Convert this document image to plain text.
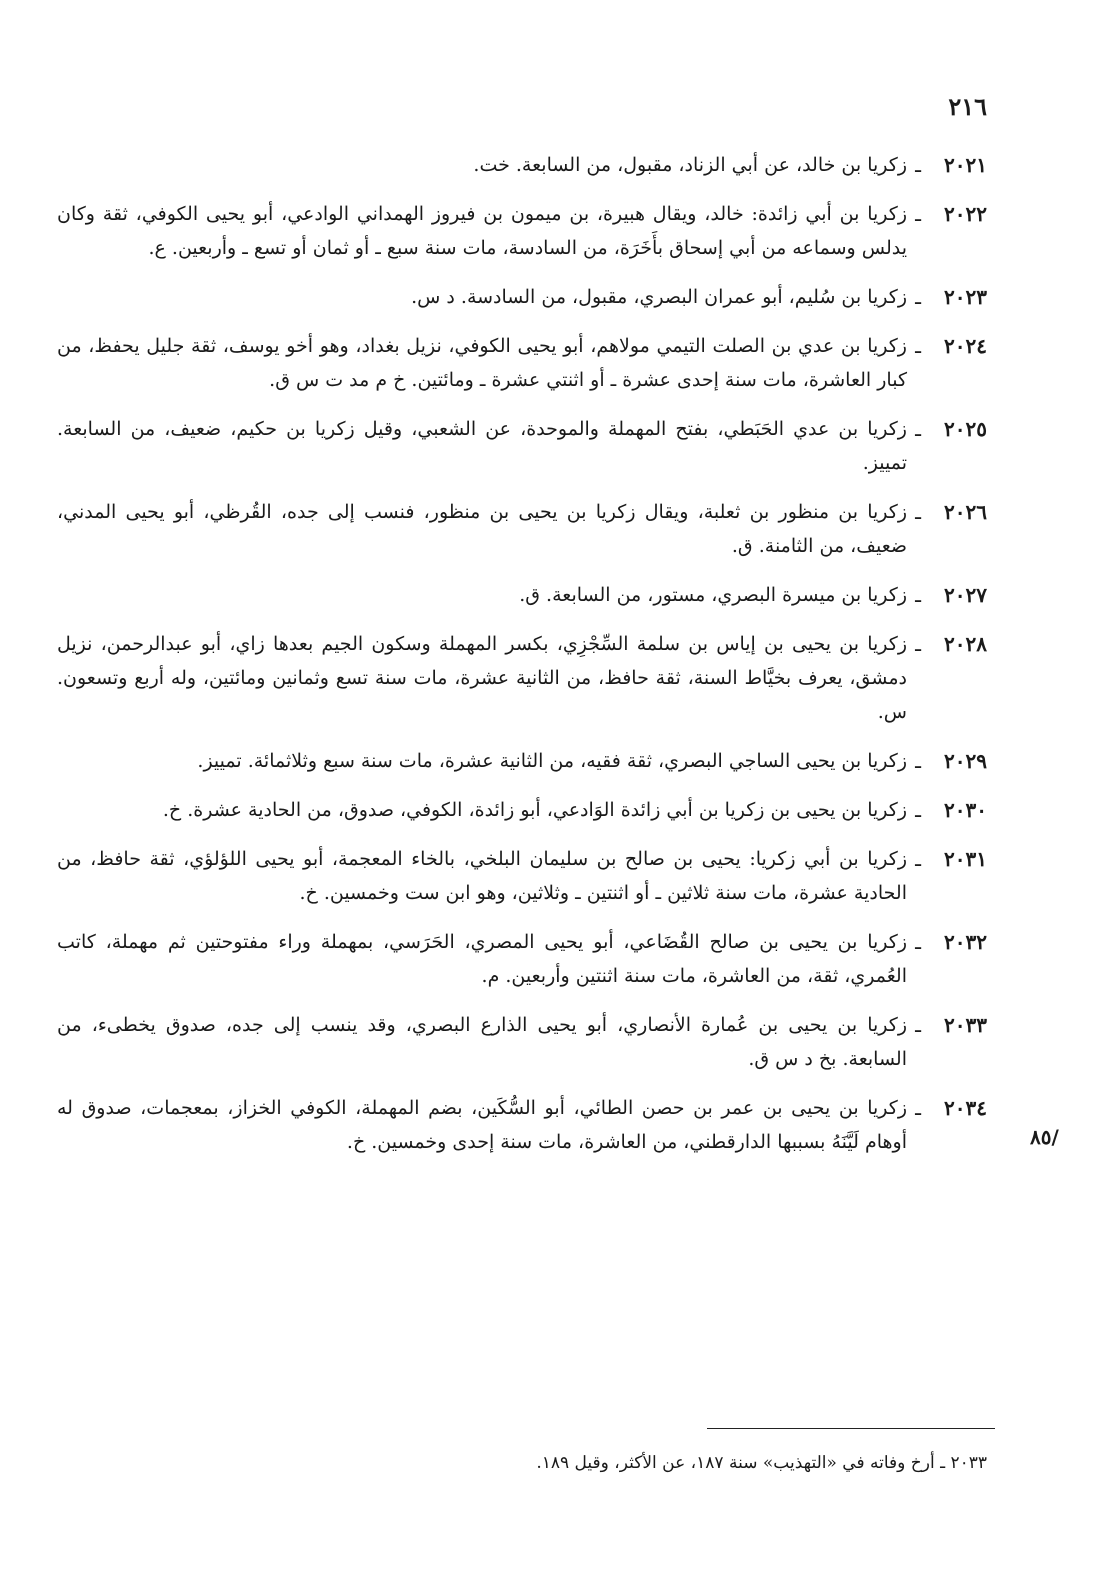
٢١٦
٢٠٢١
ـ
زكريا بن خالد، عن أبي الزناد، مقبول، من السابعة. خت.
٢٠٢٢
ـ
زكريا بن أبي زائدة: خالد، ويقال هبيرة، بن ميمون بن فيروز الهمداني الوادعي، أبو يحيى الكوفي، ثقة وكان يدلس وسماعه من أبي إسحاق بأَخَرَة، من السادسة، مات سنة سبع ـ أو ثمان أو تسع ـ وأربعين. ع.
٢٠٢٣
ـ
زكريا بن سُليم، أبو عمران البصري، مقبول، من السادسة. د س.
٢٠٢٤
ـ
زكريا بن عدي بن الصلت التيمي مولاهم، أبو يحيى الكوفي، نزيل بغداد، وهو أخو يوسف، ثقة جليل يحفظ، من كبار العاشرة، مات سنة إحدى عشرة ـ أو اثنتي عشرة ـ ومائتين. خ م مد ت س ق.
٢٠٢٥
ـ
زكريا بن عدي الحَبَطي، بفتح المهملة والموحدة، عن الشعبي، وقيل زكريا بن حكيم، ضعيف، من السابعة. تمييز.
٢٠٢٦
ـ
زكريا بن منظور بن ثعلبة، ويقال زكريا بن يحيى بن منظور، فنسب إلى جده، القُرظي، أبو يحيى المدني، ضعيف، من الثامنة. ق.
٢٠٢٧
ـ
زكريا بن ميسرة البصري، مستور، من السابعة. ق.
٢٠٢٨
ـ
زكريا بن يحيى بن إياس بن سلمة السِّجْزِي، بكسر المهملة وسكون الجيم بعدها زاي، أبو عبدالرحمن، نزيل دمشق، يعرف بخيَّاط السنة، ثقة حافظ، من الثانية عشرة، مات سنة تسع وثمانين ومائتين، وله أربع وتسعون. س.
٢٠٢٩
ـ
زكريا بن يحيى الساجي البصري، ثقة فقيه، من الثانية عشرة، مات سنة سبع وثلاثمائة. تمييز.
٢٠٣٠
ـ
زكريا بن يحيى بن زكريا بن أبي زائدة الوَادعي، أبو زائدة، الكوفي، صدوق، من الحادية عشرة. خ.
٢٠٣١
ـ
زكريا بن أبي زكريا: يحيى بن صالح بن سليمان البلخي، بالخاء المعجمة، أبو يحيى اللؤلؤي، ثقة حافظ، من الحادية عشرة، مات سنة ثلاثين ـ أو اثنتين ـ وثلاثين، وهو ابن ست وخمسين. خ.
٢٠٣٢
ـ
زكريا بن يحيى بن صالح القُضَاعي، أبو يحيى المصري، الحَرَسي، بمهملة وراء مفتوحتين ثم مهملة، كاتب العُمري، ثقة، من العاشرة، مات سنة اثنتين وأربعين. م.
٢٠٣٣
ـ
زكريا بن يحيى بن عُمارة الأنصاري، أبو يحيى الذارع البصري، وقد ينسب إلى جده، صدوق يخطىء، من السابعة. بخ د س ق.
٢٠٣٤
ـ
زكريا بن يحيى بن عمر بن حصن الطائي، أبو السُّكَين، بضم المهملة، الكوفي الخزاز، بمعجمات، صدوق له أوهام لَيَّنَهُ بسببها الدارقطني، من العاشرة، مات سنة إحدى وخمسين. خ.	/٨٥
٢٠٣٣ ـ أرخ وفاته في «التهذيب» سنة ١٨٧، عن الأكثر، وقيل ١٨٩.
